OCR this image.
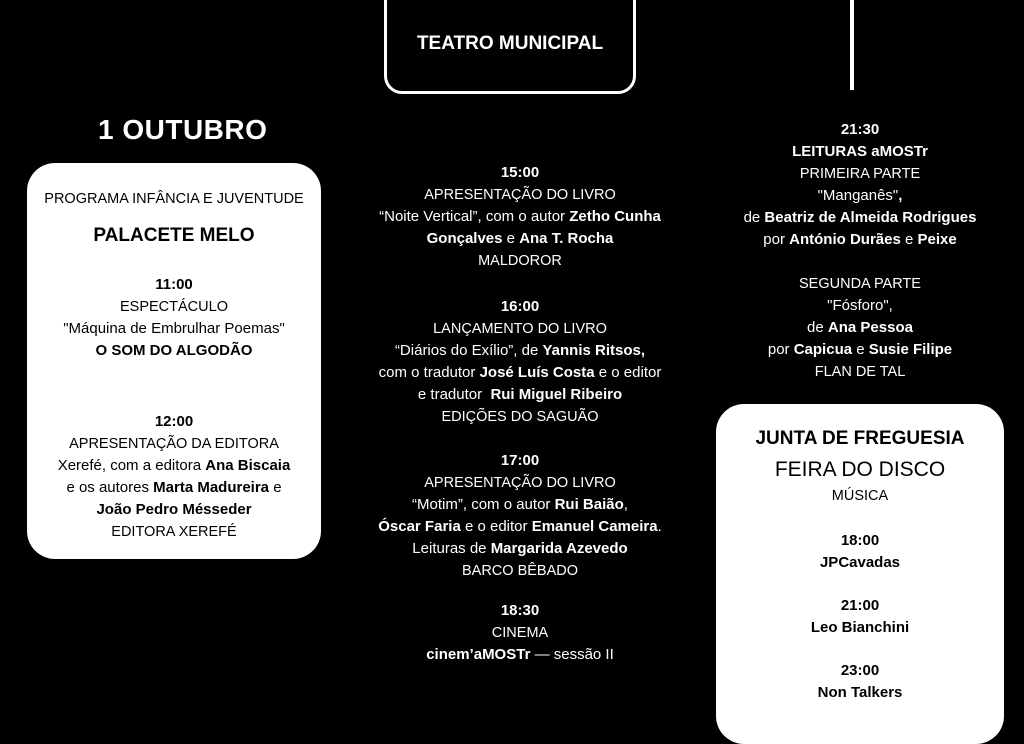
TEATRO MUNICIPAL
1 OUTUBRO
PROGRAMA INFÂNCIA E JUVENTUDE
PALACETE MELO
11:00
ESPECTÁCULO
"Máquina de Embrulhar Poemas"
O SOM DO ALGODÃO
12:00
APRESENTAÇÃO DA EDITORA
Xerefé, com a editora Ana Biscaia
e os autores Marta Madureira e
João Pedro Mésseder
EDITORA XEREFÉ
15:00
APRESENTAÇÃO DO LIVRO
“Noite Vertical”, com o autor Zetho Cunha
Gonçalves e Ana T. Rocha
MALDOROR
16:00
LANÇAMENTO DO LIVRO
“Diários do Exílio”, de Yannis Ritsos,
com o tradutor José Luís Costa e o editor
e tradutor  Rui Miguel Ribeiro
EDIÇÕES DO SAGUÃO
17:00
APRESENTAÇÃO DO LIVRO
“Motim”, com o autor Rui Baião,
Óscar Faria e o editor Emanuel Cameira.
Leituras de Margarida Azevedo
BARCO BÊBADO
18:30
CINEMA
cinem’aMOSTr — sessão II
21:30
LEITURAS aMOSTr
PRIMEIRA PARTE
"Manganês",
de Beatriz de Almeida Rodrigues
por António Durães e Peixe

SEGUNDA PARTE
"Fósforo",
de Ana Pessoa
por Capicua e Susie Filipe
FLAN DE TAL
JUNTA DE FREGUESIA
FEIRA DO DISCO
MÚSICA
18:00
JPCavadas
21:00
Leo Bianchini
23:00
Non Talkers
